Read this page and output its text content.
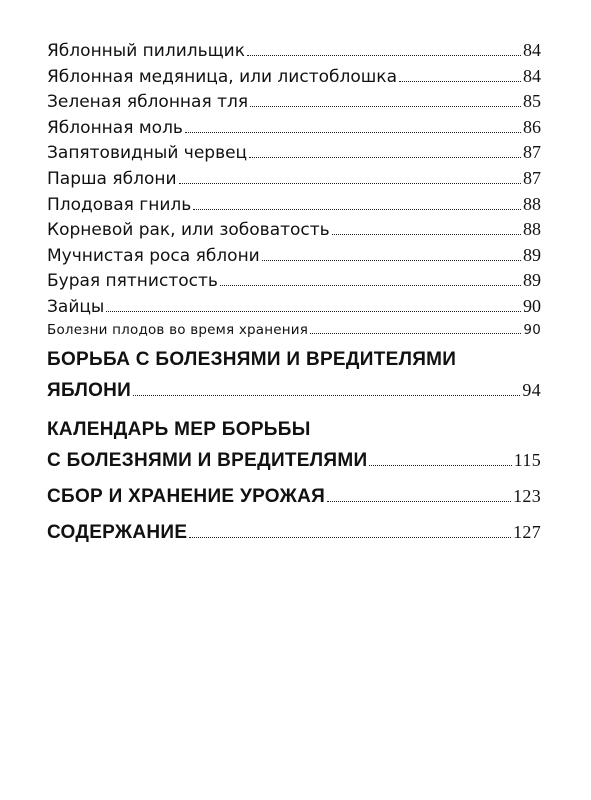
Яблонный пилильщик	84
Яблонная медяница, или листоблошка	84
Зеленая яблонная тля	85
Яблонная моль	86
Запятовидный червец	87
Парша яблони	87
Плодовая гниль	88
Корневой рак, или зобоватость	88
Мучнистая роса яблони	89
Бурая пятнистость	89
Зайцы	90
Болезни плодов во время хранения	90
БОРЬБА С БОЛЕЗНЯМИ И ВРЕДИТЕЛЯМИ
ЯБЛОНИ	94
КАЛЕНДАРЬ МЕР БОРЬБЫ
С БОЛЕЗНЯМИ И ВРЕДИТЕЛЯМИ	115
СБОР И ХРАНЕНИЕ УРОЖАЯ	123
СОДЕРЖАНИЕ	127
